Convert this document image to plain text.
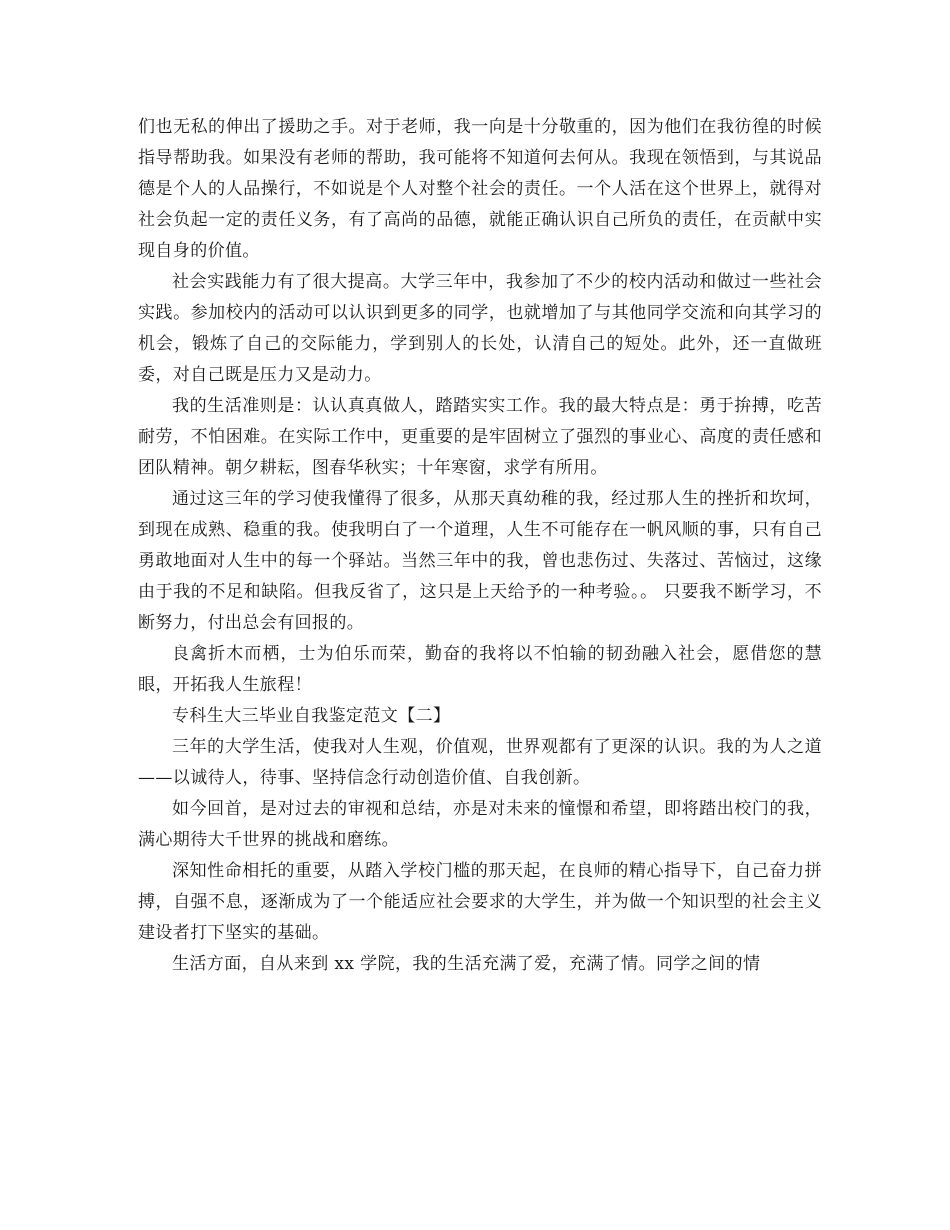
们也无私的伸出了援助之手。对于老师，我一向是十分敬重的，因为他们在我彷徨的时候指导帮助我。如果没有老师的帮助，我可能将不知道何去何从。我现在领悟到，与其说品德是个人的人品操行，不如说是个人对整个社会的责任。一个人活在这个世界上，就得对社会负起一定的责任义务，有了高尚的品德，就能正确认识自己所负的责任，在贡献中实现自身的价值。

社会实践能力有了很大提高。大学三年中，我参加了不少的校内活动和做过一些社会实践。参加校内的活动可以认识到更多的同学，也就增加了与其他同学交流和向其学习的机会，锻炼了自己的交际能力，学到别人的长处，认清自己的短处。此外，还一直做班委，对自己既是压力又是动力。

我的生活准则是：认认真真做人，踏踏实实工作。我的最大特点是：勇于拚搏，吃苦耐劳，不怕困难。在实际工作中，更重要的是牢固树立了强烈的事业心、高度的责任感和团队精神。朝夕耕耘，图春华秋实；十年寒窗，求学有所用。

通过这三年的学习使我懂得了很多，从那天真幼稚的我，经过那人生的挫折和坎坷，到现在成熟、稳重的我。使我明白了一个道理，人生不可能存在一帆风顺的事，只有自己勇敢地面对人生中的每一个驿站。当然三年中的我，曾也悲伤过、失落过、苦恼过，这缘由于我的不足和缺陷。但我反省了，这只是上天给予的一种考验。。 只要我不断学习，不断努力，付出总会有回报的。

良禽折木而栖，士为伯乐而荣，勤奋的我将以不怕输的韧劲融入社会，愿借您的慧眼，开拓我人生旅程！

专科生大三毕业自我鉴定范文【二】

三年的大学生活，使我对人生观，价值观，世界观都有了更深的认识。我的为人之道——以诚待人，待事、坚持信念行动创造价值、自我创新。

如今回首，是对过去的审视和总结，亦是对未来的憧憬和希望，即将踏出校门的我，满心期待大千世界的挑战和磨练。

深知性命相托的重要，从踏入学校门槛的那天起，在良师的精心指导下，自己奋力拼搏，自强不息，逐渐成为了一个能适应社会要求的大学生，并为做一个知识型的社会主义建设者打下坚实的基础。

生活方面，自从来到 xx 学院，我的生活充满了爱，充满了情。同学之间的情
